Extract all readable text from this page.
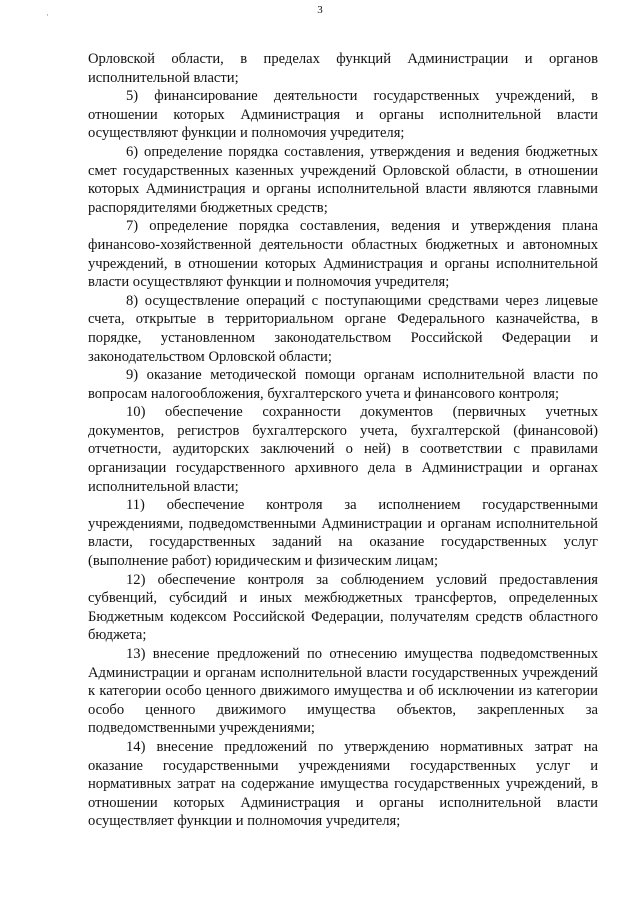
·	3

Орловской области, в пределах функций Администрации и органов исполнительной власти;

5) финансирование деятельности государственных учреждений, в отношении которых Администрация и органы исполнительной власти осуществляют функции и полномочия учредителя;

6) определение порядка составления, утверждения и ведения бюджетных смет государственных казенных учреждений Орловской области, в отношении которых Администрация и органы исполнительной власти являются главными распорядителями бюджетных средств;

7) определение порядка составления, ведения и утверждения плана финансово-хозяйственной деятельности областных бюджетных и автономных учреждений, в отношении которых Администрация и органы исполнительной власти осуществляют функции и полномочия учредителя;

8) осуществление операций с поступающими средствами через лицевые счета, открытые в территориальном органе Федерального казначейства, в порядке, установленном законодательством Российской Федерации и законодательством Орловской области;

9) оказание методической помощи органам исполнительной власти по вопросам налогообложения, бухгалтерского учета и финансового контроля;

10) обеспечение сохранности документов (первичных учетных документов, регистров бухгалтерского учета, бухгалтерской (финансовой) отчетности, аудиторских заключений о ней) в соответствии с правилами организации государственного архивного дела в Администрации и органах исполнительной власти;

11) обеспечение контроля за исполнением государственными учреждениями, подведомственными Администрации и органам исполнительной власти, государственных заданий на оказание государственных услуг (выполнение работ) юридическим и физическим лицам;

12) обеспечение контроля за соблюдением условий предоставления субвенций, субсидий и иных межбюджетных трансфертов, определенных Бюджетным кодексом Российской Федерации, получателям средств областного бюджета;

13) внесение предложений по отнесению имущества подведомственных Администрации и органам исполнительной власти государственных учреждений к категории особо ценного движимого имущества и об исключении из категории особо ценного движимого имущества объектов, закрепленных за подведомственными учреждениями;

14) внесение предложений по утверждению нормативных затрат на оказание государственными учреждениями государственных услуг и нормативных затрат на содержание имущества государственных учреждений, в отношении которых Администрация и органы исполнительной власти осуществляет функции и полномочия учредителя;
